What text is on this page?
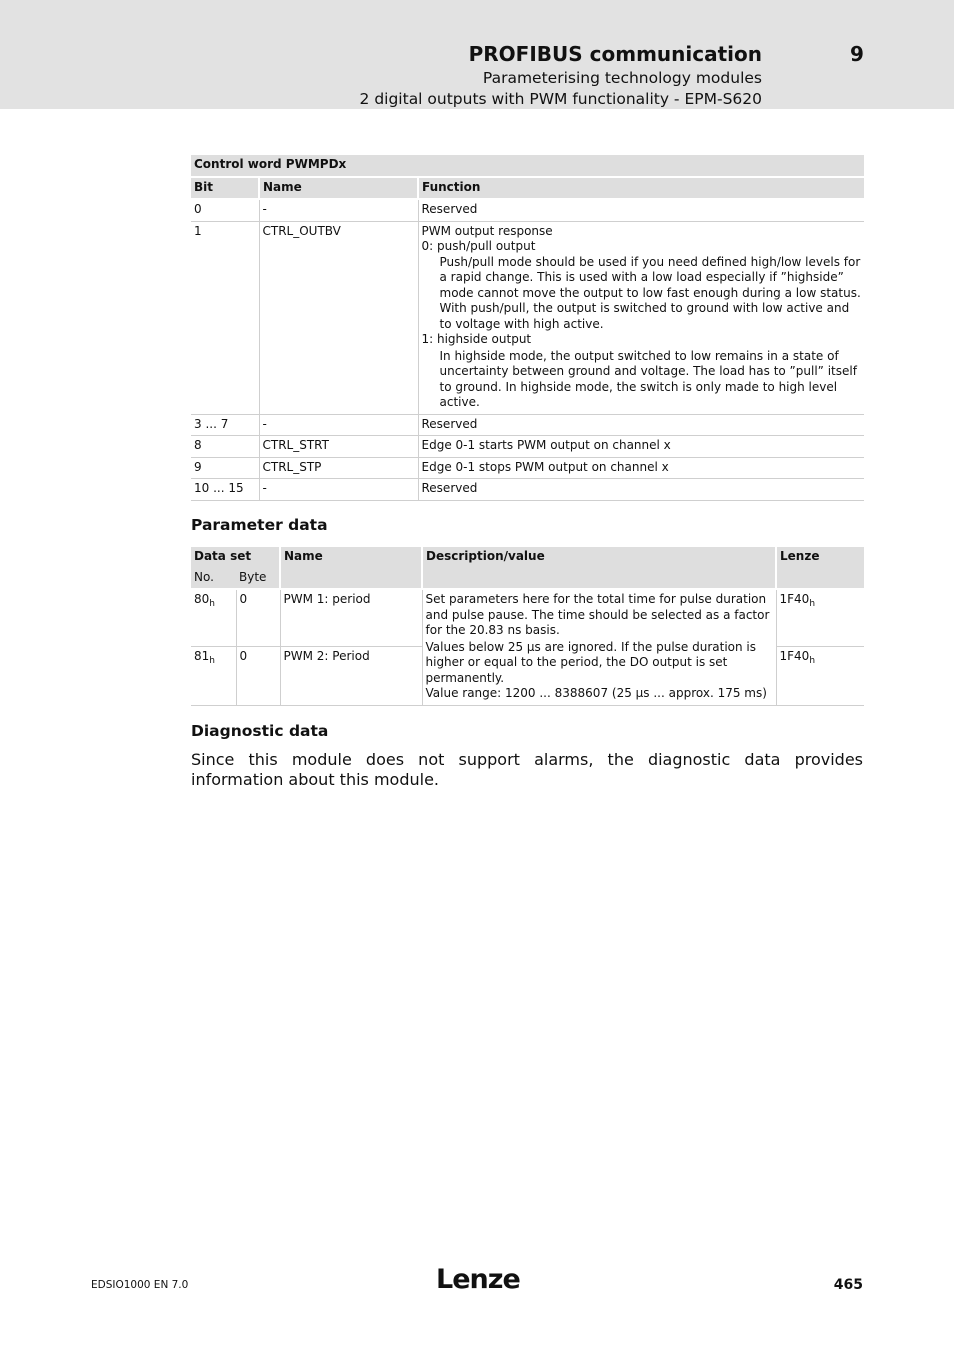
PROFIBUS communication	9
Parameterising technology modules
2 digital outputs with PWM functionality - EPM-S620
Control word PWMPDx		
Bit	Name	Function
0	-	Reserved
1	CTRL_OUTBV	PWM output response
0: push/pull output
Push/pull mode should be used if you need defined high/low levels for a rapid change. This is used with a low load especially if ”highside” mode cannot move the output to low fast enough during a low status. With push/pull, the output is switched to ground with low active and to voltage with high active.
1: highside output
In highside mode, the output switched to low remains in a state of uncertainty between ground and voltage. The load has to ”pull” itself to ground. In highside mode, the switch is only made to high level active.

3 ... 7	-	Reserved
8	CTRL_STRT	Edge 0-1 starts PWM output on channel x
9	CTRL_STP	Edge 0-1 stops PWM output on channel x
10 ... 15	-	Reserved
Parameter data
Data set		Name	Description/value	Lenze
No.	Byte			
$80_h$	0	PWM 1: period	Set parameters here for the total time for pulse duration and pulse pause. The time should be selected as a factor for the 20.83 ns basis.
Values below 25 µs are ignored. If the pulse duration is higher or equal to the period, the DO output is set permanently.
Value range: 1200 ... 8388607 (25 µs ... approx. 175 ms)	$1F40_h$
$81_h$	0	PWM 2: Period		$1F40_h$
Diagnostic data
Since this module does not support alarms, the diagnostic data provides information about this module.
EDSIO1000 EN 7.0	Lenze	465
